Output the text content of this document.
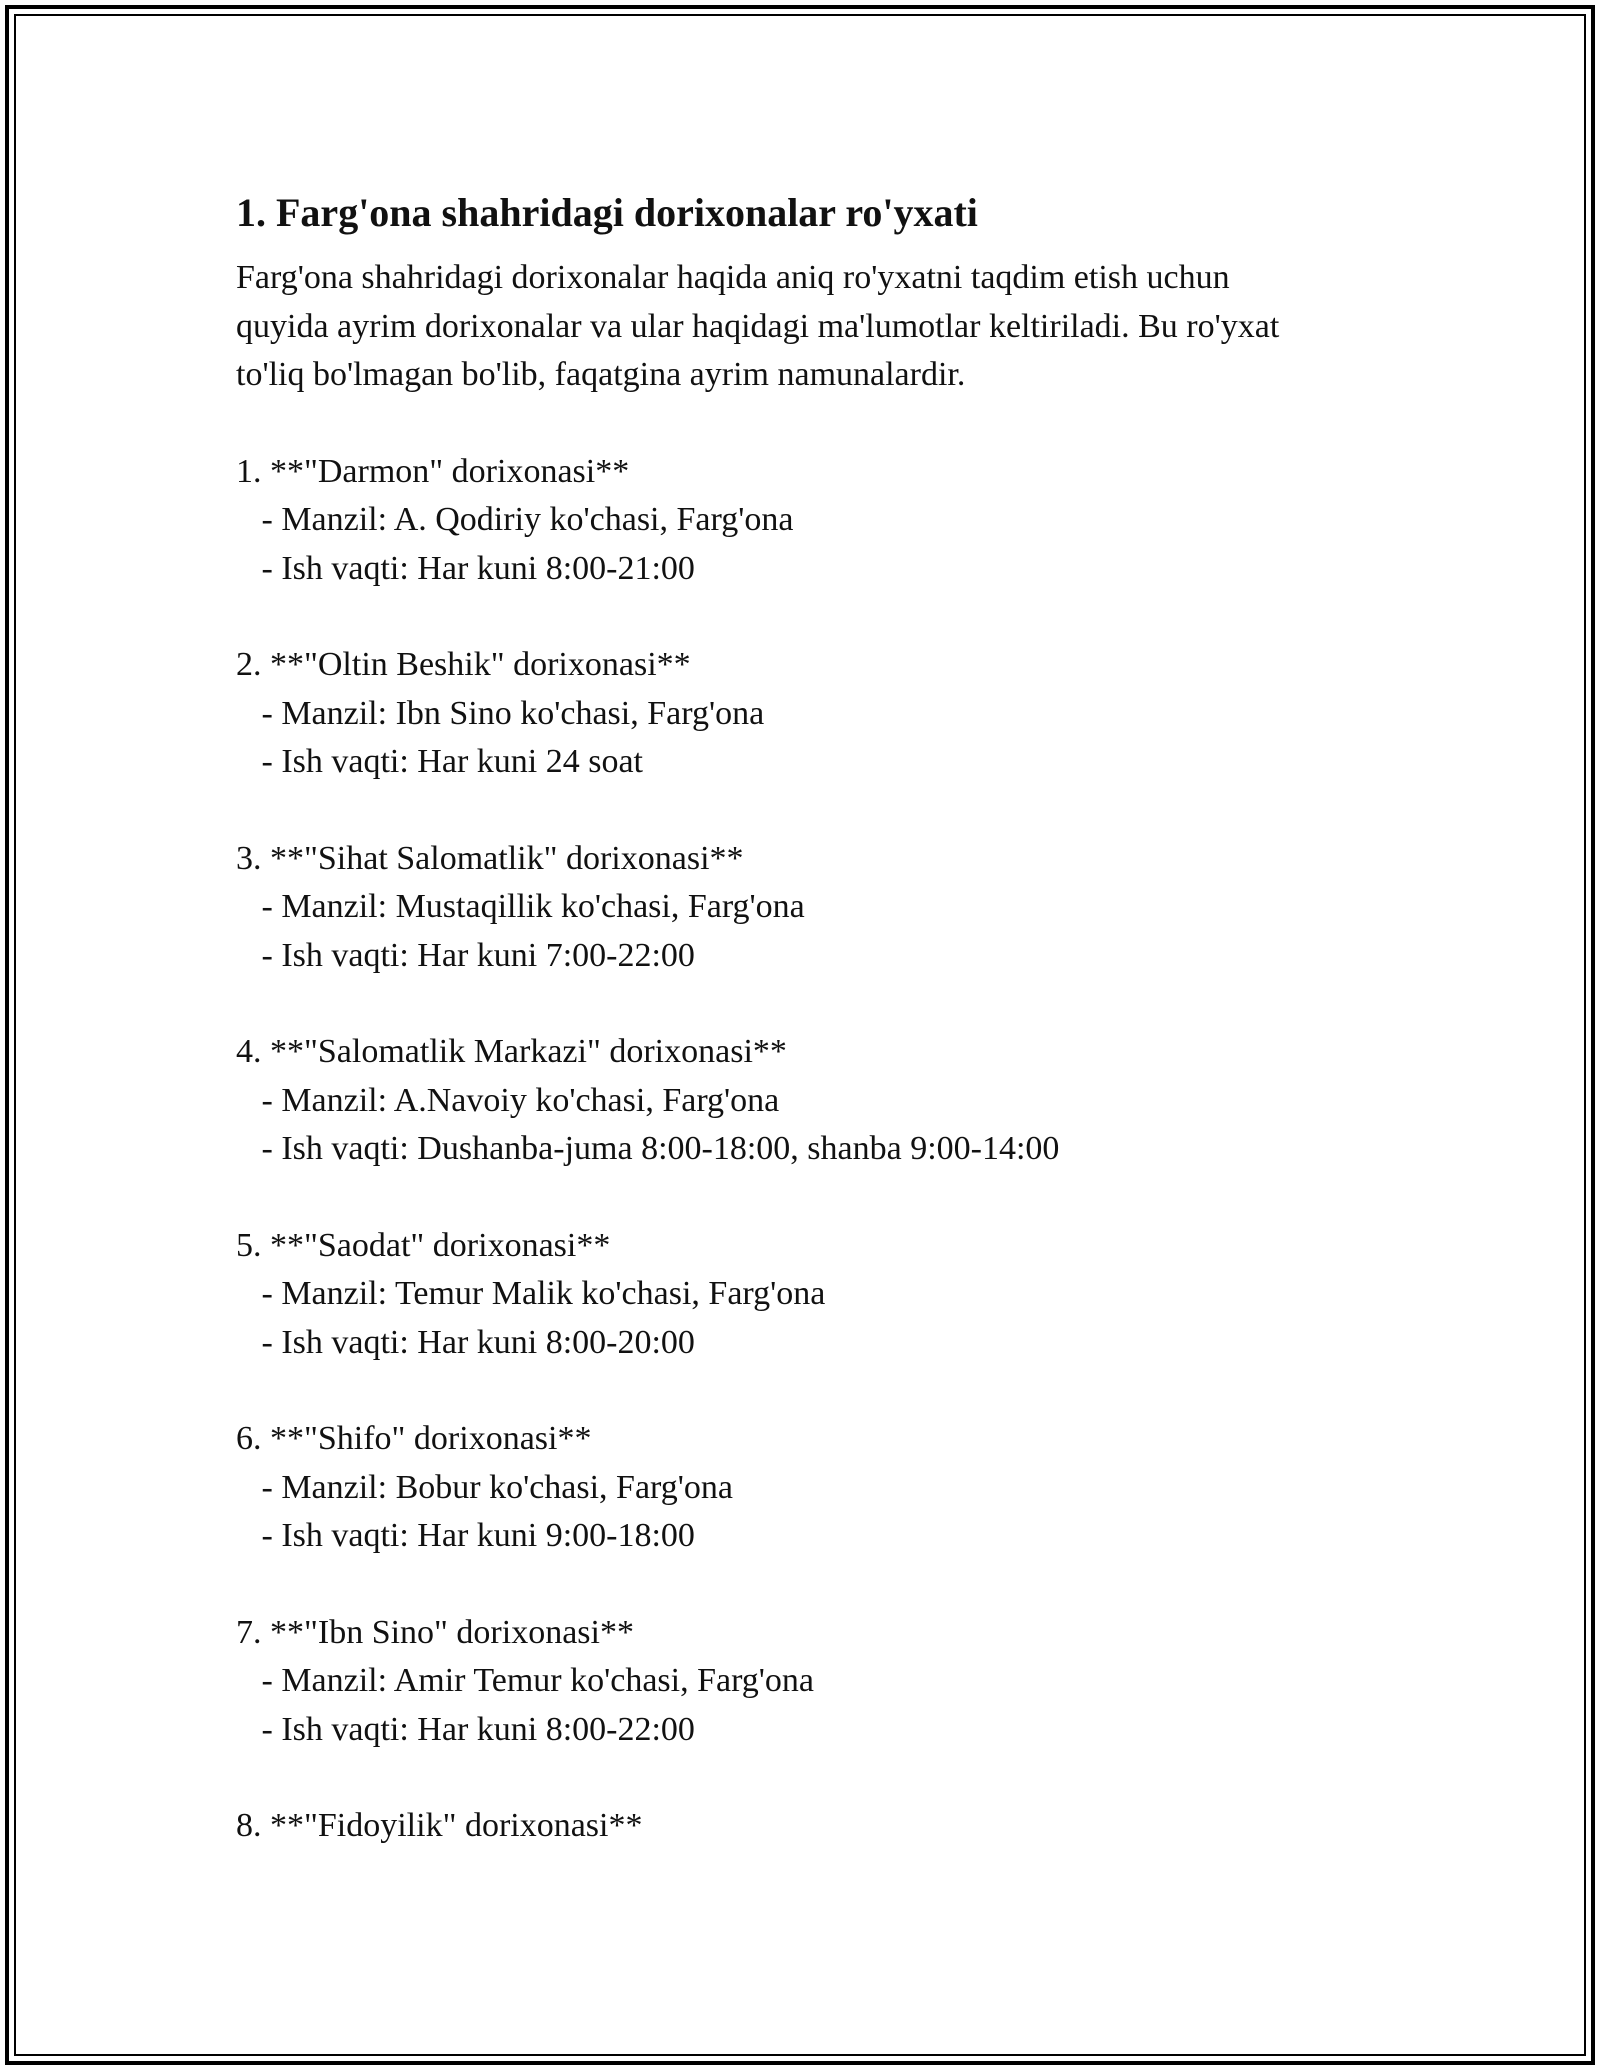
1. Farg'ona shahridagi dorixonalar ro'yxati
Farg'ona shahridagi dorixonalar haqida aniq ro'yxatni taqdim etish uchun
quyida ayrim dorixonalar va ular haqidagi ma'lumotlar keltiriladi. Bu ro'yxat
to'liq bo'lmagan bo'lib, faqatgina ayrim namunalardir.
1. **"Darmon" dorixonasi**
- Manzil: A. Qodiriy ko'chasi, Farg'ona
- Ish vaqti: Har kuni 8:00-21:00
2. **"Oltin Beshik" dorixonasi**
- Manzil: Ibn Sino ko'chasi, Farg'ona
- Ish vaqti: Har kuni 24 soat
3. **"Sihat Salomatlik" dorixonasi**
- Manzil: Mustaqillik ko'chasi, Farg'ona
- Ish vaqti: Har kuni 7:00-22:00
4. **"Salomatlik Markazi" dorixonasi**
- Manzil: A.Navoiy ko'chasi, Farg'ona
- Ish vaqti: Dushanba-juma 8:00-18:00, shanba 9:00-14:00
5. **"Saodat" dorixonasi**
- Manzil: Temur Malik ko'chasi, Farg'ona
- Ish vaqti: Har kuni 8:00-20:00
6. **"Shifo" dorixonasi**
- Manzil: Bobur ko'chasi, Farg'ona
- Ish vaqti: Har kuni 9:00-18:00
7. **"Ibn Sino" dorixonasi**
- Manzil: Amir Temur ko'chasi, Farg'ona
- Ish vaqti: Har kuni 8:00-22:00
8. **"Fidoyilik" dorixonasi**
